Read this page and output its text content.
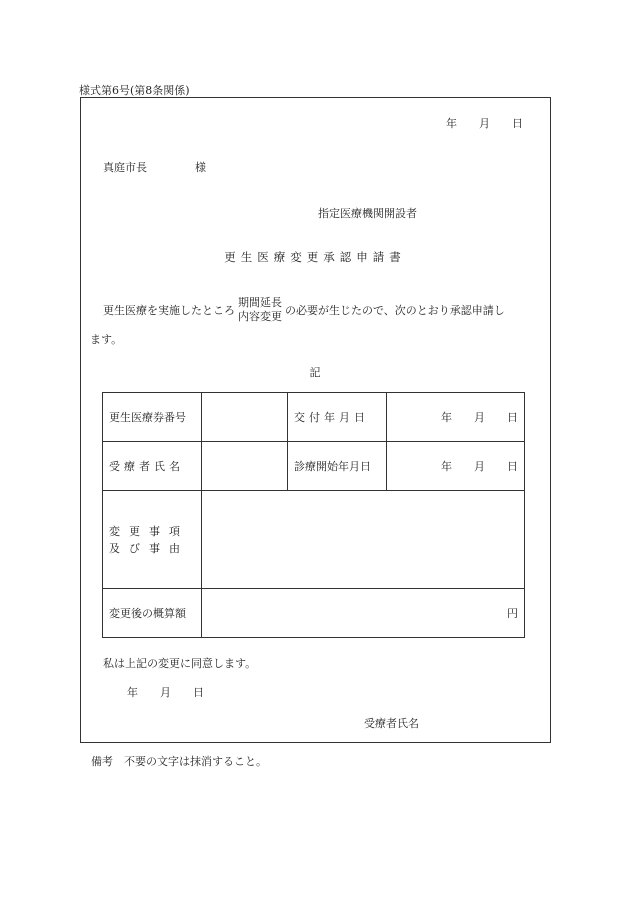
様式第6号(第8条関係)
年 月 日
真庭市長	様
指定医療機関開設者
更生医療変更承認申請書
更生医療を実施したところ
期間延長
内容変更 の必要が生じたので、次のとおり承認申請し
ます。
記
更生医療券番号		交付年月日	年 月 日

受療者氏名		診療開始年月日	年 月 日

変更事項
及び事由			

変更後の概算額	円		
私は上記の変更に同意します。
年 月 日
受療者氏名
備考　不要の文字は抹消すること。
